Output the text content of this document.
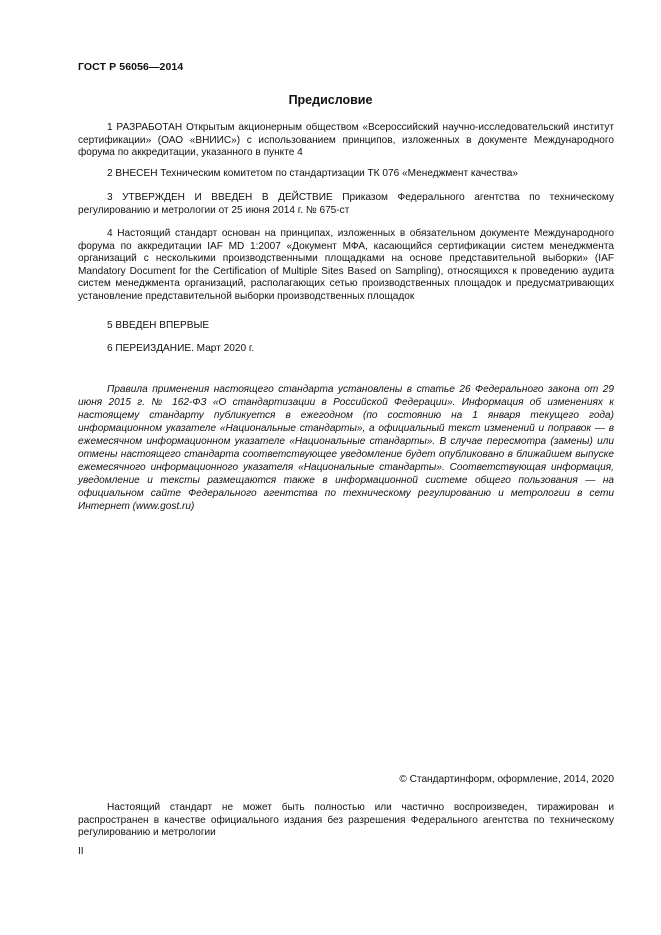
ГОСТ Р 56056—2014
Предисловие

1 РАЗРАБОТАН Открытым акционерным обществом «Всероссийский научно-исследовательский институт сертификации» (ОАО «ВНИИС») с использованием принципов, изложенных в документе Международного форума по аккредитации, указанного в пункте 4

2 ВНЕСЕН Техническим комитетом по стандартизации ТК 076 «Менеджмент качества»

3 УТВЕРЖДЕН И ВВЕДЕН В ДЕЙСТВИЕ Приказом Федерального агентства по техническому регулированию и метрологии от 25 июня 2014 г. № 675-ст

4 Настоящий стандарт основан на принципах, изложенных в обязательном документе Международного форума по аккредитации IAF MD 1:2007 «Документ МФА, касающийся сертификации систем менеджмента организаций с несколькими производственными площадками на основе представительной выборки» (IAF Mandatory Document for the Certification of Multiple Sites Based on Sampling), относящихся к проведению аудита систем менеджмента организаций, располагающих сетью производственных площадок и предусматривающих установление представительной выборки производственных площадок

5 ВВЕДЕН ВПЕРВЫЕ

6 ПЕРЕИЗДАНИЕ. Март 2020 г.

Правила применения настоящего стандарта установлены в статье 26 Федерального закона от 29 июня 2015 г. № 162-ФЗ «О стандартизации в Российской Федерации». Информация об изменениях к настоящему стандарту публикуется в ежегодном (по состоянию на 1 января текущего года) информационном указателе «Национальные стандарты», а официальный текст изменений и поправок — в ежемесячном информационном указателе «Национальные стандарты». В случае пересмотра (замены) или отмены настоящего стандарта соответствующее уведомление будет опубликовано в ближайшем выпуске ежемесячного информационного указателя «Национальные стандарты». Соответствующая информация, уведомление и тексты размещаются также в информационной системе общего пользования — на официальном сайте Федерального агентства по техническому регулированию и метрологии в сети Интернет (www.gost.ru)

© Стандартинформ, оформление, 2014, 2020

Настоящий стандарт не может быть полностью или частично воспроизведен, тиражирован и распространен в качестве официального издания без разрешения Федерального агентства по техническому регулированию и метрологии

II
